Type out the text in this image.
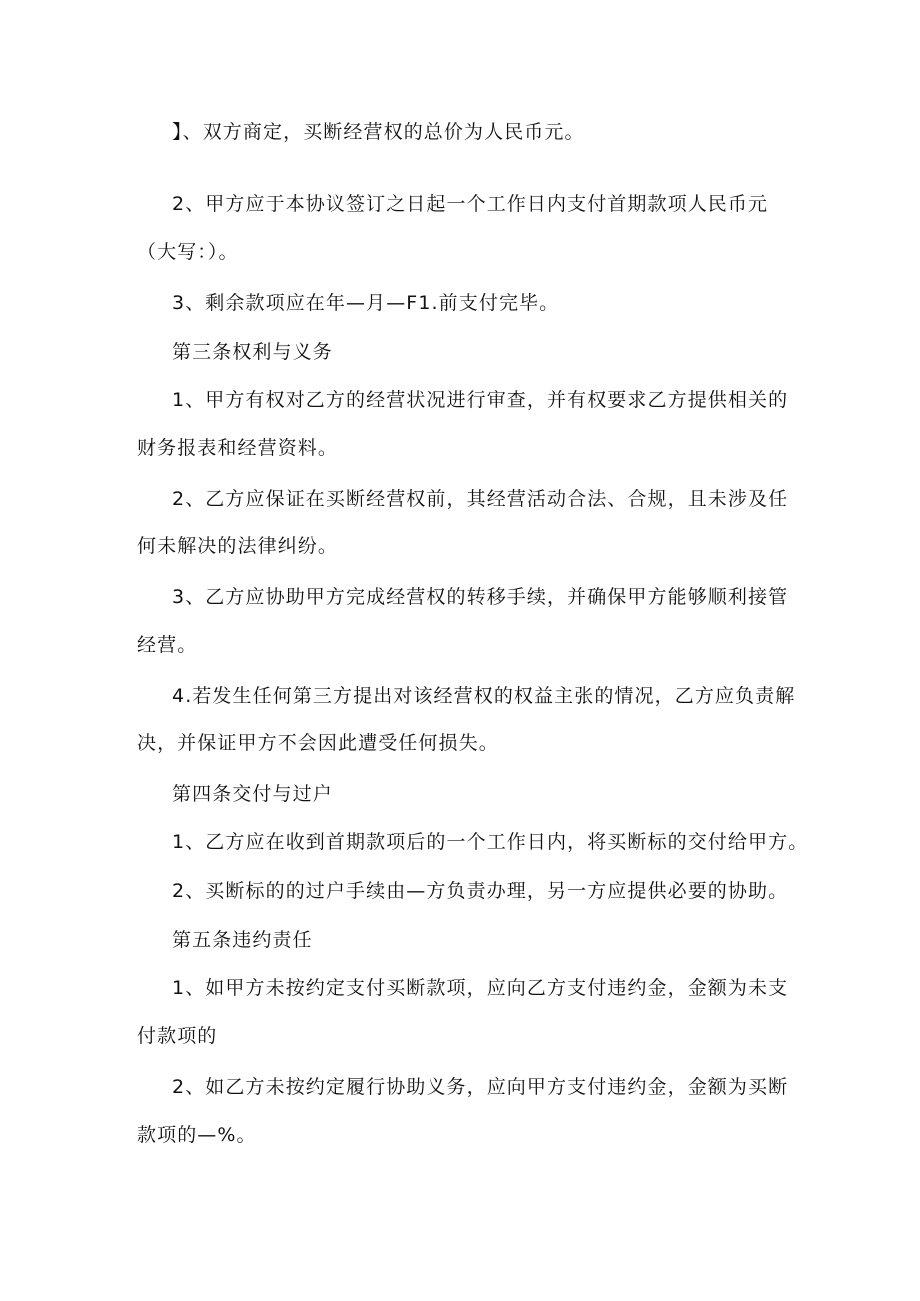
】、双方商定，买断经营权的总价为人民币元。
2、甲方应于本协议签订之日起一个工作日内支付首期款项人民币元
（大写：）。
3、剩余款项应在年—月—F1.前支付完毕。
第三条权利与义务
1、甲方有权对乙方的经营状况进行审查，并有权要求乙方提供相关的
财务报表和经营资料。
2、乙方应保证在买断经营权前，其经营活动合法、合规，且未涉及任
何未解决的法律纠纷。
3、乙方应协助甲方完成经营权的转移手续，并确保甲方能够顺利接管
经营。
4.若发生任何第三方提出对该经营权的权益主张的情况，乙方应负责解
决，并保证甲方不会因此遭受任何损失。
第四条交付与过户
1、乙方应在收到首期款项后的一个工作日内，将买断标的交付给甲方。
2、买断标的的过户手续由—方负责办理，另一方应提供必要的协助。
第五条违约责任
1、如甲方未按约定支付买断款项，应向乙方支付违约金，金额为未支
付款项的
2、如乙方未按约定履行协助义务，应向甲方支付违约金，金额为买断
款项的—%。
